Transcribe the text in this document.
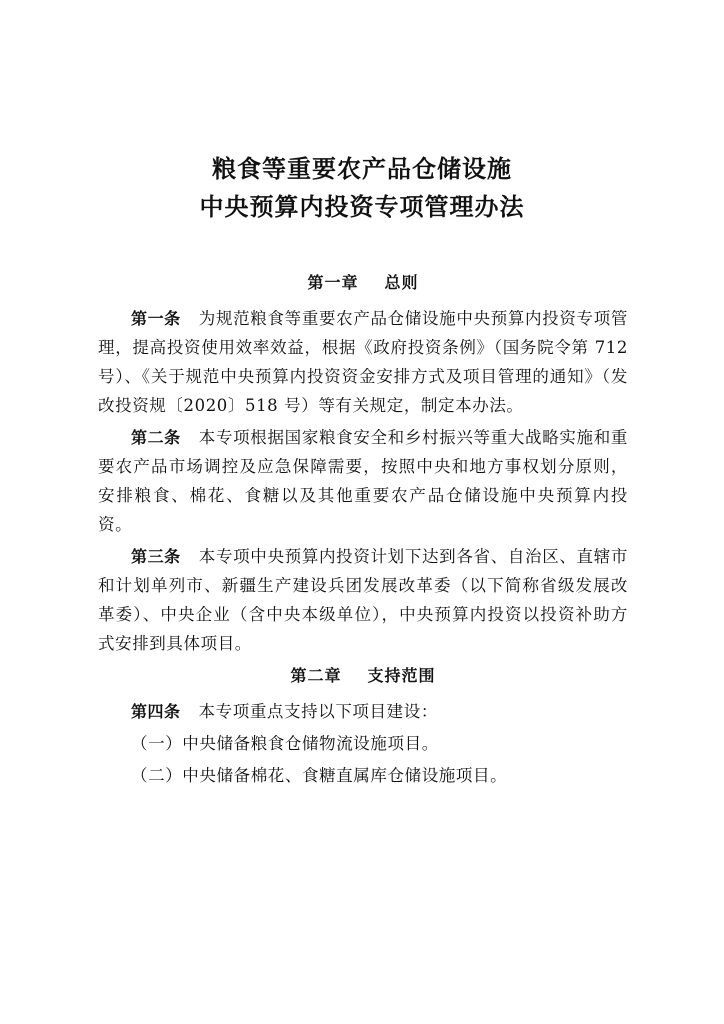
粮食等重要农产品仓储设施

中央预算内投资专项管理办法

第一章 总则

第一条 为规范粮食等重要农产品仓储设施中央预算内投资专项管理，提高投资使用效率效益，根据《政府投资条例》（国务院令第 712 号）、《关于规范中央预算内投资资金安排方式及项目管理的通知》（发改投资规〔2020〕518 号）等有关规定，制定本办法。

第二条 本专项根据国家粮食安全和乡村振兴等重大战略实施和重要农产品市场调控及应急保障需要，按照中央和地方事权划分原则，安排粮食、棉花、食糖以及其他重要农产品仓储设施中央预算内投资。

第三条 本专项中央预算内投资计划下达到各省、自治区、直辖市和计划单列市、新疆生产建设兵团发展改革委（以下简称省级发展改革委）、中央企业（含中央本级单位），中央预算内投资以投资补助方式安排到具体项目。

第二章 支持范围

第四条 本专项重点支持以下项目建设：

（一）中央储备粮食仓储物流设施项目。

（二）中央储备棉花、食糖直属库仓储设施项目。
